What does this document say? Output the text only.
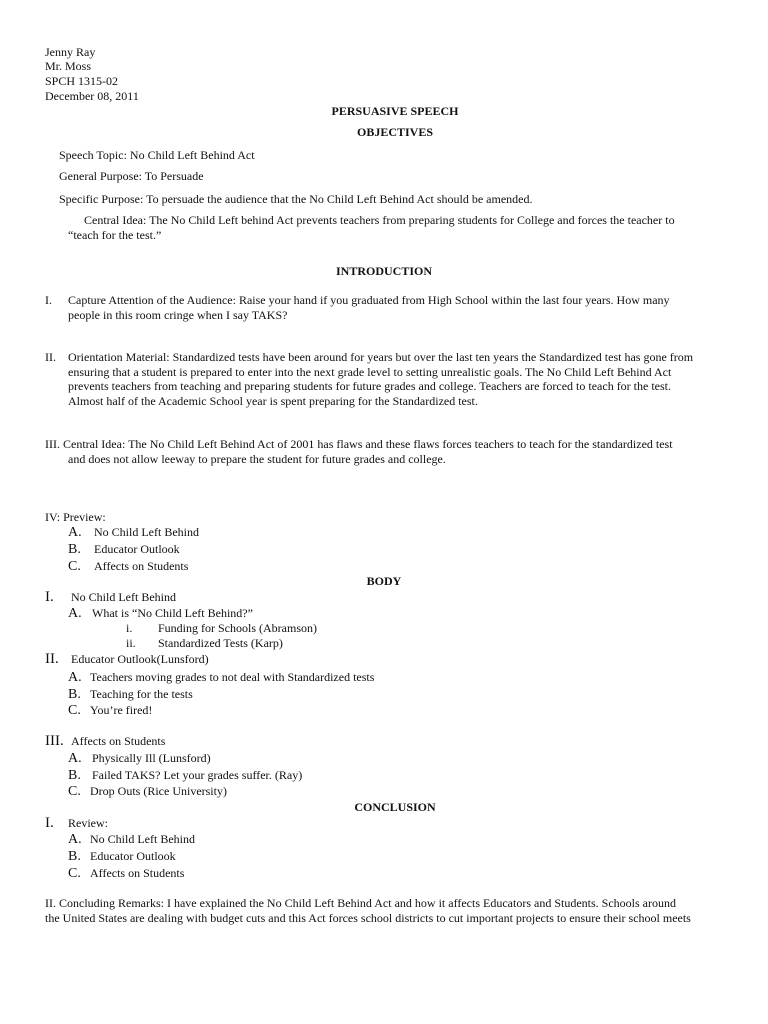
Jenny Ray
Mr. Moss
SPCH 1315-02
December 08, 2011
PERSUASIVE SPEECH
OBJECTIVES
Speech Topic: No Child Left Behind Act
General Purpose: To Persuade
Specific Purpose: To persuade the audience that the No Child Left Behind Act should be amended.
Central Idea: The No Child Left behind Act prevents teachers from preparing students for College and forces the teacher to
“teach for the test.”
INTRODUCTION
I. Capture Attention of the Audience: Raise your hand if you graduated from High School within the last four years. How many
people in this room cringe when I say TAKS?
II. Orientation Material: Standardized tests have been around for years but over the last ten years the Standardized test has gone from
ensuring that a student is prepared to enter into the next grade level to setting unrealistic goals. The No Child Left Behind Act
prevents teachers from teaching and preparing students for future grades and college. Teachers are forced to teach for the test.
Almost half of the Academic School year is spent preparing for the Standardized test.
III. Central Idea: The No Child Left Behind Act of 2001 has flaws and these flaws forces teachers to teach for the standardized test
and does not allow leeway to prepare the student for future grades and college.
IV: Preview:
A. No Child Left Behind
B. Educator Outlook
C. Affects on Students
BODY
I. No Child Left Behind
A. What is “No Child Left Behind?”
i. Funding for Schools (Abramson)
ii. Standardized Tests (Karp)
II. Educator Outlook(Lunsford)
A. Teachers moving grades to not deal with Standardized tests
B. Teaching for the tests
C. You’re fired!
III. Affects on Students
A. Physically Ill (Lunsford)
B. Failed TAKS? Let your grades suffer. (Ray)
C. Drop Outs (Rice University)
CONCLUSION
I. Review:
A. No Child Left Behind
B. Educator Outlook
C. Affects on Students
II. Concluding Remarks: I have explained the No Child Left Behind Act and how it affects Educators and Students. Schools around
the United States are dealing with budget cuts and this Act forces school districts to cut important projects to ensure their school meets
